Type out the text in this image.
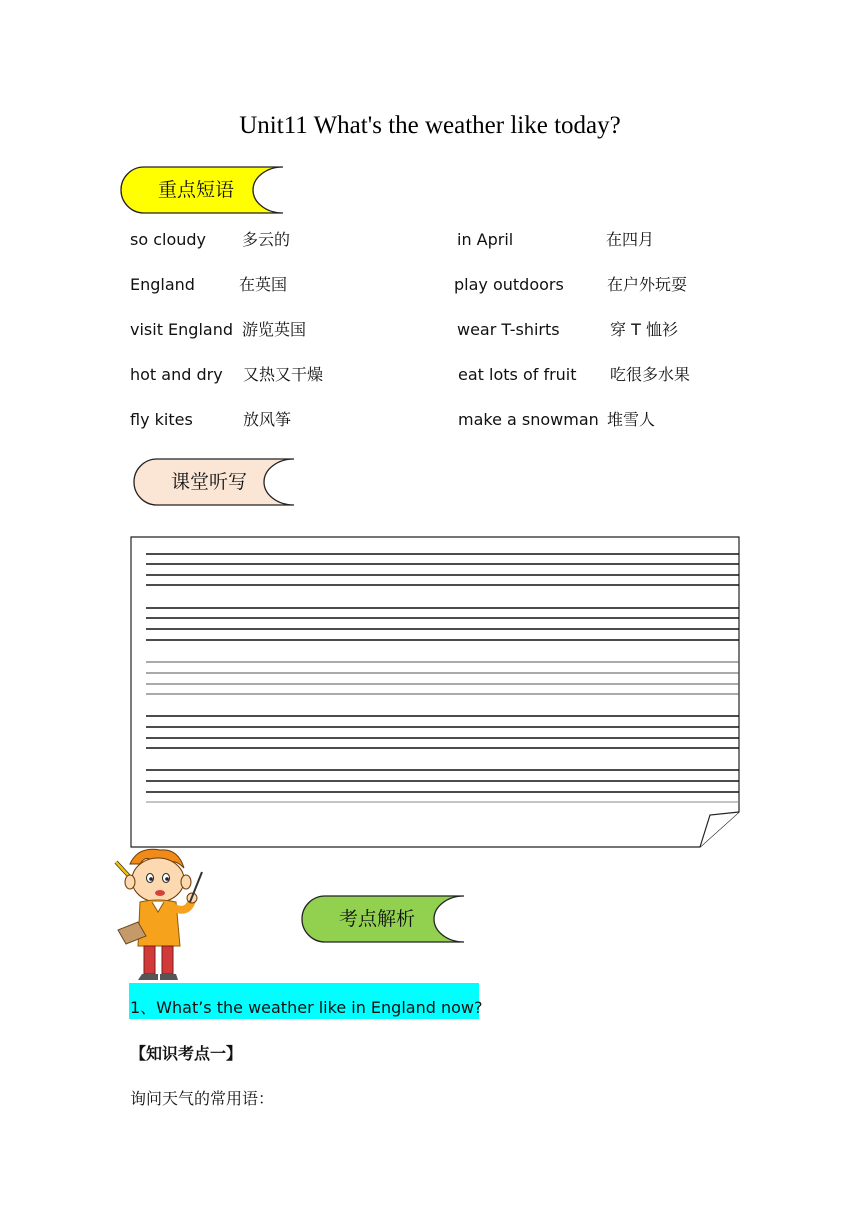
Unit11 What's the weather like today?
重点短语
so cloudy 多云的	in April	在四月
England	在英国	play outdoors	在户外玩耍
visit England 游览英国	wear T-shirts	穿 T 恤衫
hot and dry 又热又干燥	eat lots of fruit 吃很多水果
fly kites	放风筝	make a snowman 堆雪人
课堂听写
考点解析
1、What’s the weather like in England now?
【知识考点一】
询问天气的常用语：
